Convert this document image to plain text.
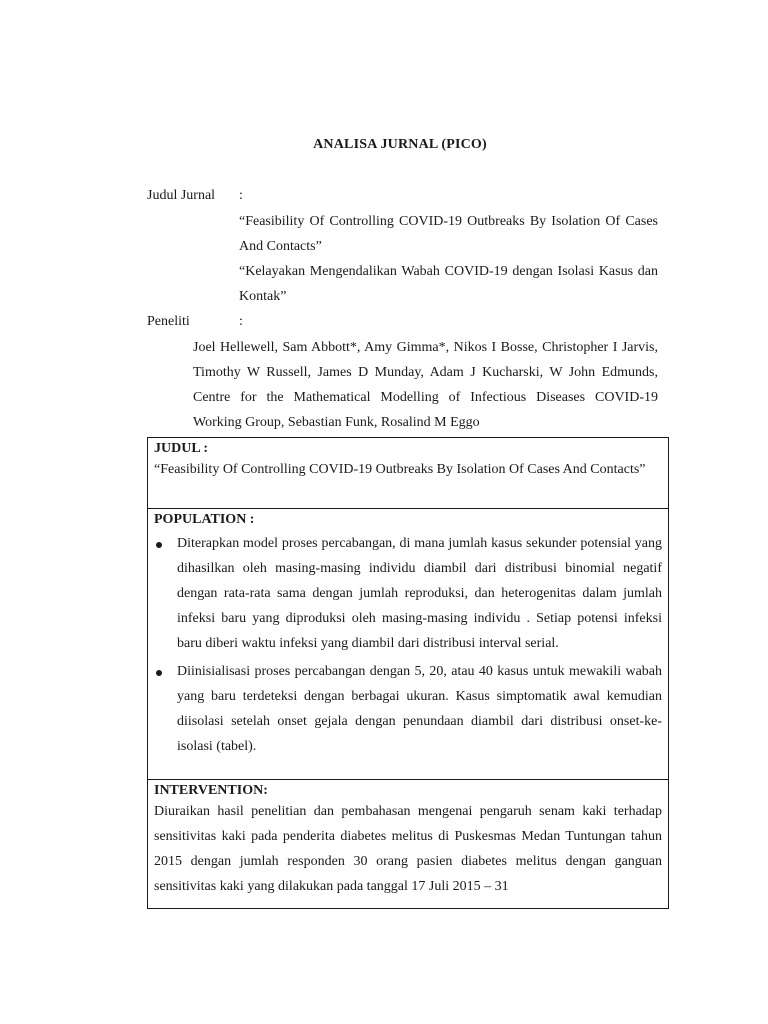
ANALISA JURNAL (PICO)
Judul Jurnal :

“Feasibility Of Controlling COVID-19 Outbreaks By Isolation Of Cases And Contacts”

“Kelayakan Mengendalikan Wabah COVID-19 dengan Isolasi Kasus dan Kontak”

Peneliti	:

Joel Hellewell, Sam Abbott*, Amy Gimma*, Nikos I Bosse, Christopher I Jarvis, Timothy W Russell, James D Munday, Adam J Kucharski, W John Edmunds, Centre for the Mathematical Modelling of Infectious Diseases COVID-19 Working Group, Sebastian Funk, Rosalind M Eggo

JUDUL :
“Feasibility Of Controlling COVID-19 Outbreaks By Isolation Of Cases And Contacts”

POPULATION :
Diterapkan model proses percabangan, di mana jumlah kasus sekunder potensial yang dihasilkan oleh masing-masing individu diambil dari distribusi binomial negatif dengan rata-rata sama dengan jumlah reproduksi, dan heterogenitas dalam jumlah infeksi baru yang diproduksi oleh masing-masing individu . Setiap potensi infeksi baru diberi waktu infeksi yang diambil dari distribusi interval serial.
Diinisialisasi proses percabangan dengan 5, 20, atau 40 kasus untuk mewakili wabah yang baru terdeteksi dengan berbagai ukuran. Kasus simptomatik awal kemudian diisolasi setelah onset gejala dengan penundaan diambil dari distribusi onset-ke-isolasi (tabel).

INTERVENTION:
Diuraikan hasil penelitian dan pembahasan mengenai pengaruh senam kaki terhadap sensitivitas kaki pada penderita diabetes melitus di Puskesmas Medan Tuntungan tahun 2015 dengan jumlah responden 30 orang pasien diabetes melitus dengan ganguan sensitivitas kaki yang dilakukan pada tanggal 17 Juli 2015 – 31
